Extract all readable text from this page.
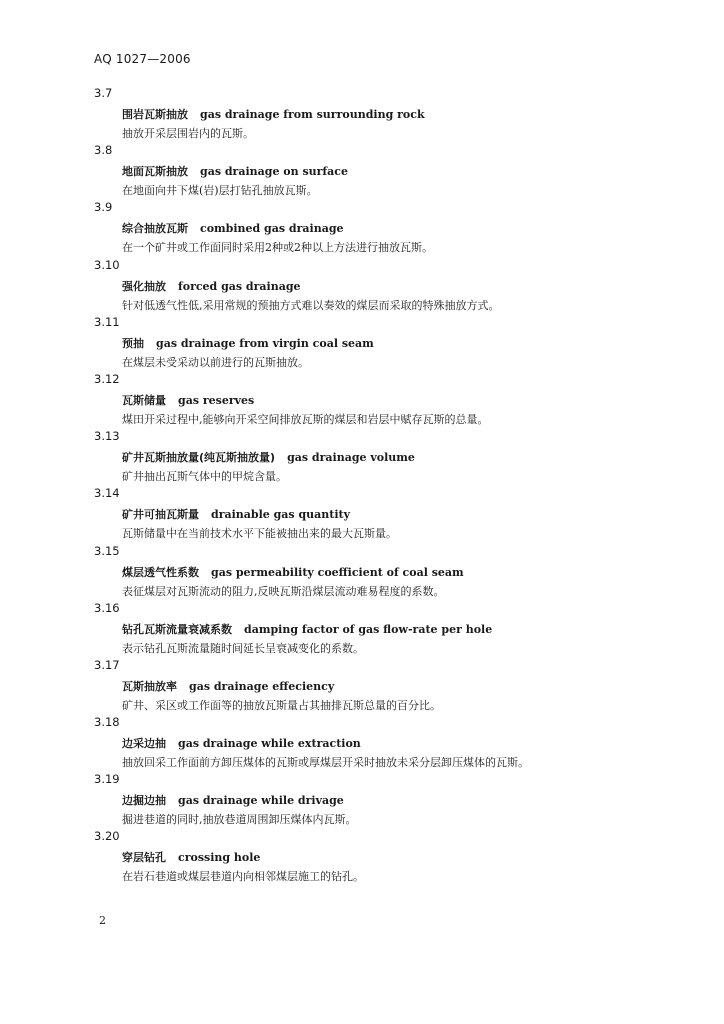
AQ 1027—2006
3.7
围岩瓦斯抽放 gas drainage from surrounding rock
抽放开采层围岩内的瓦斯。
3.8
地面瓦斯抽放 gas drainage on surface
在地面向井下煤(岩)层打钻孔抽放瓦斯。
3.9
综合抽放瓦斯 combined gas drainage
在一个矿井或工作面同时采用2种或2种以上方法进行抽放瓦斯。
3.10
强化抽放 forced gas drainage
针对低透气性低,采用常规的预抽方式难以奏效的煤层而采取的特殊抽放方式。
3.11
预抽 gas drainage from virgin coal seam
在煤层未受采动以前进行的瓦斯抽放。
3.12
瓦斯储量 gas reserves
煤田开采过程中,能够向开采空间排放瓦斯的煤层和岩层中赋存瓦斯的总量。
3.13
矿井瓦斯抽放量(纯瓦斯抽放量) gas drainage volume
矿井抽出瓦斯气体中的甲烷含量。
3.14
矿井可抽瓦斯量 drainable gas quantity
瓦斯储量中在当前技术水平下能被抽出来的最大瓦斯量。
3.15
煤层透气性系数 gas permeability coefficient of coal seam
表征煤层对瓦斯流动的阻力,反映瓦斯沿煤层流动难易程度的系数。
3.16
钻孔瓦斯流量衰减系数 damping factor of gas flow-rate per hole
表示钻孔瓦斯流量随时间延长呈衰减变化的系数。
3.17
瓦斯抽放率 gas drainage effeciency
矿井、采区或工作面等的抽放瓦斯量占其抽排瓦斯总量的百分比。
3.18
边采边抽 gas drainage while extraction
抽放回采工作面前方卸压煤体的瓦斯或厚煤层开采时抽放未采分层卸压煤体的瓦斯。
3.19
边掘边抽 gas drainage while drivage
掘进巷道的同时,抽放巷道周围卸压煤体内瓦斯。
3.20
穿层钻孔 crossing hole
在岩石巷道或煤层巷道内向相邻煤层施工的钻孔。
2
